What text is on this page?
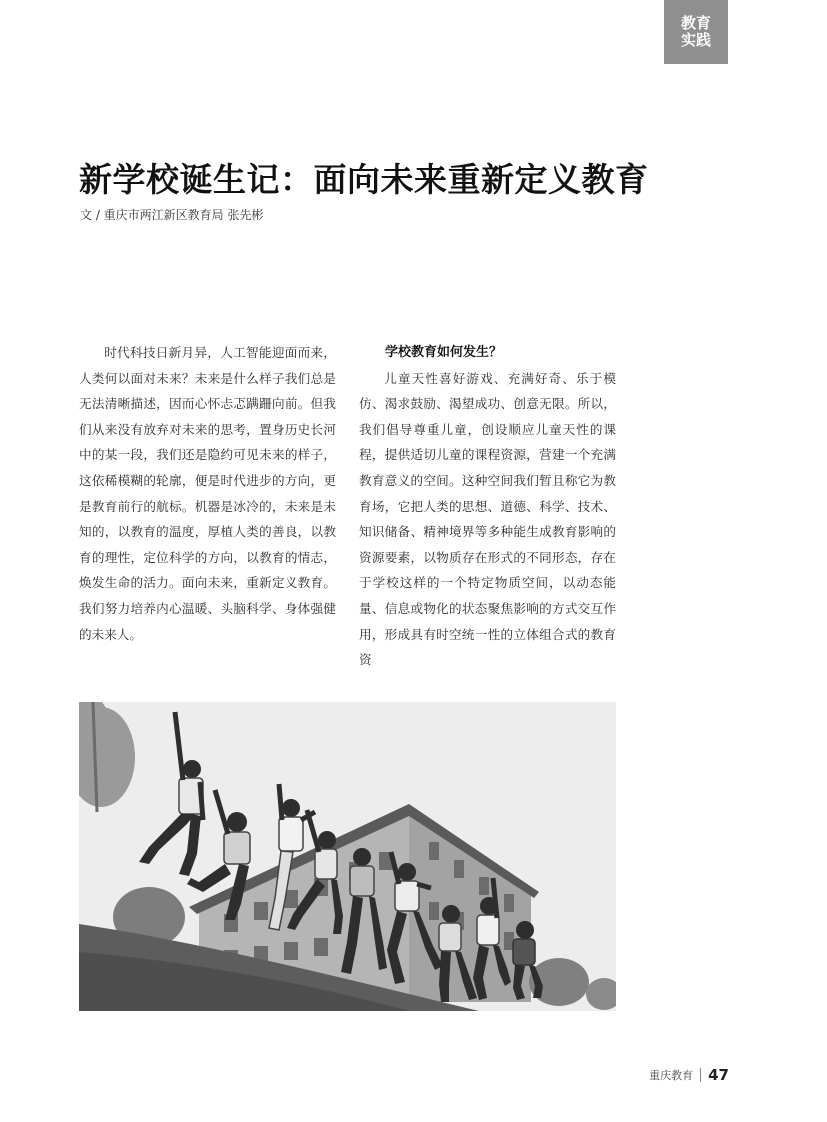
教育
实践
新学校诞生记：面向未来重新定义教育
文 / 重庆市两江新区教育局 张先彬

时代科技日新月异，人工智能迎面而来，人类何以面对未来？未来是什么样子我们总是无法清晰描述，因而心怀忐忑蹒跚向前。但我们从来没有放弃对未来的思考，置身历史长河中的某一段，我们还是隐约可见未来的样子，这依稀模糊的轮廓，便是时代进步的方向，更是教育前行的航标。机器是冰冷的，未来是未知的，以教育的温度，厚植人类的善良，以教育的理性，定位科学的方向，以教育的情志，焕发生命的活力。面向未来，重新定义教育。我们努力培养内心温暖、头脑科学、身体强健的未来人。

学校教育如何发生？

儿童天性喜好游戏、充满好奇、乐于模仿、渴求鼓励、渴望成功、创意无限。所以，我们倡导尊重儿童，创设顺应儿童天性的课程，提供适切儿童的课程资源，营建一个充满教育意义的空间。这种空间我们暂且称它为教育场，它把人类的思想、道德、科学、技术、知识储备、精神境界等多种能生成教育影响的资源要素，以物质存在形式的不同形态，存在于学校这样的一个特定物质空间，以动态能量、信息或物化的状态聚焦影响的方式交互作用，形成具有时空统一性的立体组合式的教育资

重庆教育 47
